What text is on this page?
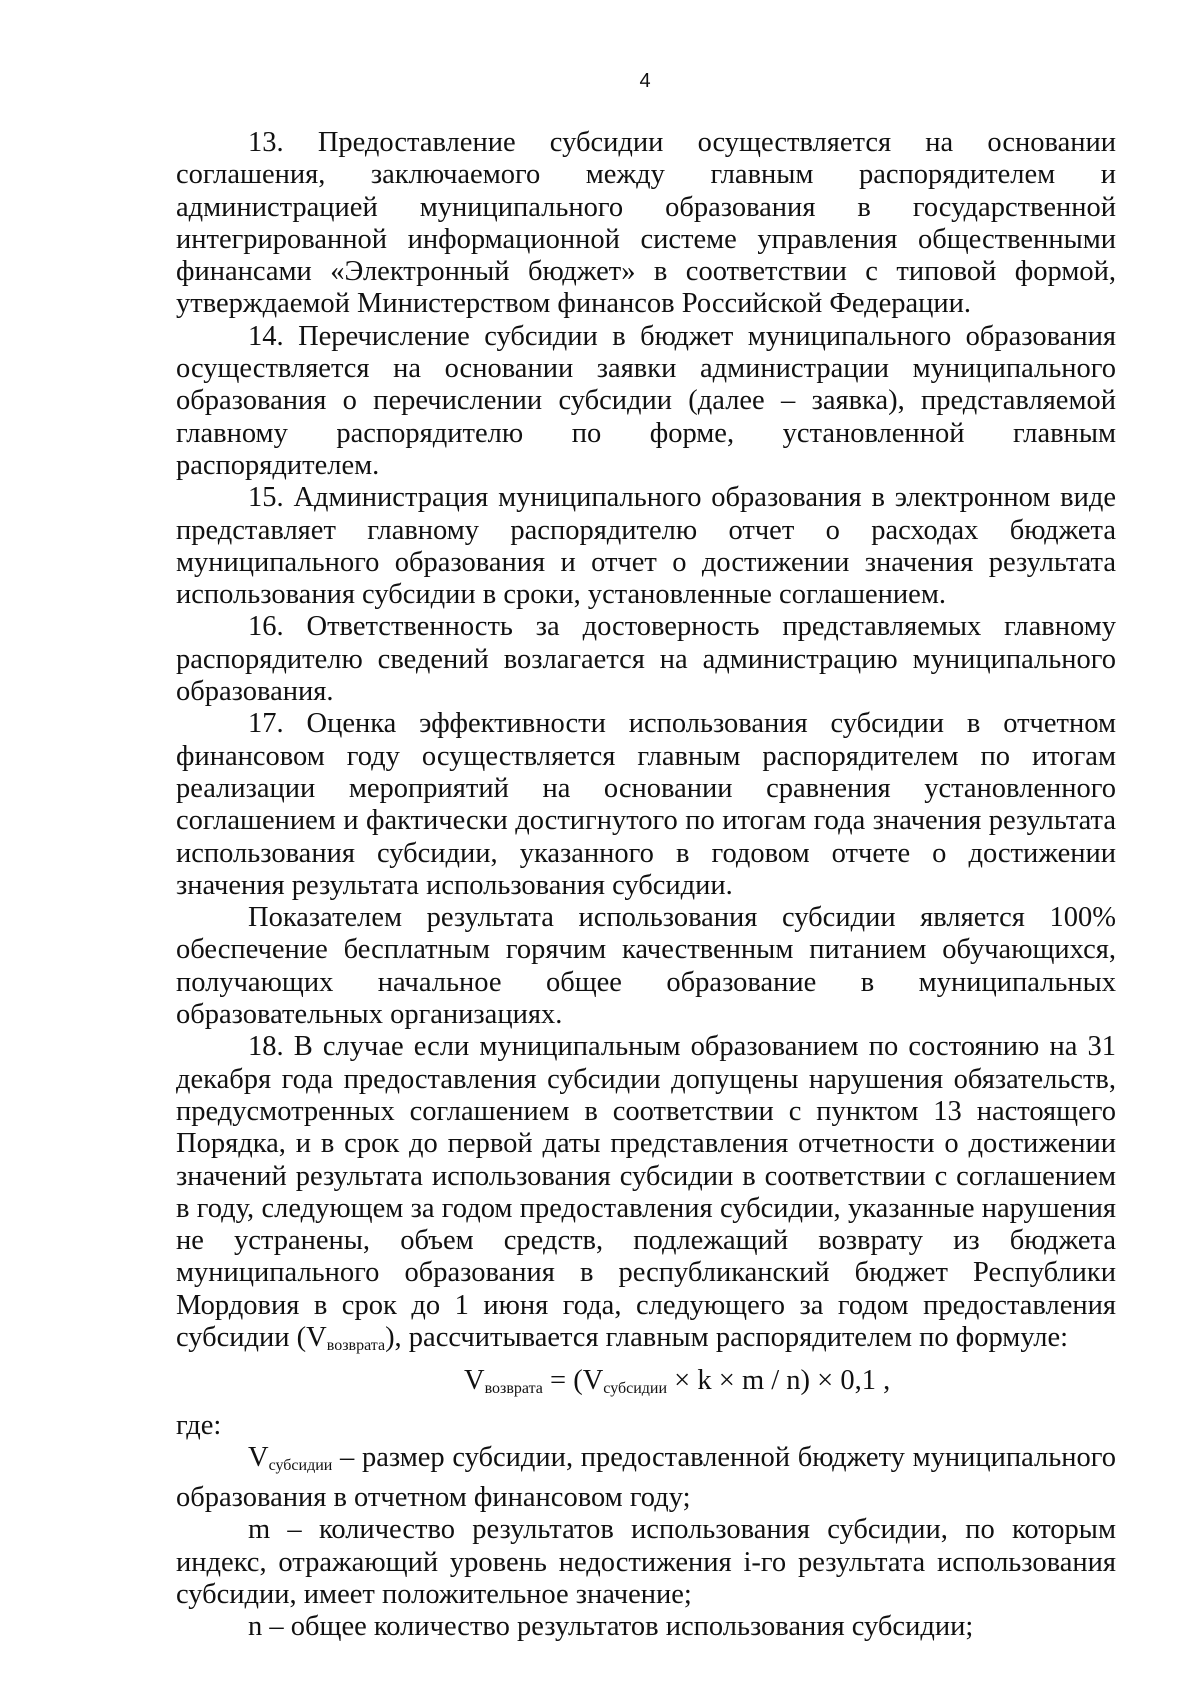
4

13. Предоставление субсидии осуществляется на основании соглашения, заключаемого между главным распорядителем и администрацией муниципального образования в государственной интегрированной информационной системе управления общественными финансами «Электронный бюджет» в соответствии с типовой формой, утверждаемой Министерством финансов Российской Федерации.

14. Перечисление субсидии в бюджет муниципального образования осуществляется на основании заявки администрации муниципального образования о перечислении субсидии (далее – заявка), представляемой главному распорядителю по форме, установленной главным распорядителем.

15. Администрация муниципального образования в электронном виде представляет главному распорядителю отчет о расходах бюджета муниципального образования и отчет о достижении значения результата использования субсидии в сроки, установленные соглашением.

16. Ответственность за достоверность представляемых главному распорядителю сведений возлагается на администрацию муниципального образования.

17. Оценка эффективности использования субсидии в отчетном финансовом году осуществляется главным распорядителем по итогам реализации мероприятий на основании сравнения установленного соглашением и фактически достигнутого по итогам года значения результата использования субсидии, указанного в годовом отчете о достижении значения результата использования субсидии.

Показателем результата использования субсидии является 100% обеспечение бесплатным горячим качественным питанием обучающихся, получающих начальное общее образование в муниципальных образовательных организациях.

18. В случае если муниципальным образованием по состоянию на 31 декабря года предоставления субсидии допущены нарушения обязательств, предусмотренных соглашением в соответствии с пунктом 13 настоящего Порядка, и в срок до первой даты представления отчетности о достижении значений результата использования субсидии в соответствии с соглашением в году, следующем за годом предоставления субсидии, указанные нарушения не устранены, объем средств, подлежащий возврату из бюджета муниципального образования в республиканский бюджет Республики Мордовия в срок до 1 июня года, следующего за годом предоставления субсидии $(V_{возврата})$, рассчитывается главным распорядителем по формуле:

$V_{возврата} = (V_{субсидии} \times k \times m / n) \times 0,1$ ,

где:

$V_{субсидии}$ – размер субсидии, предоставленной бюджету муниципального образования в отчетном финансовом году;

m – количество результатов использования субсидии, по которым индекс, отражающий уровень недостижения i-го результата использования субсидии, имеет положительное значение;

n – общее количество результатов использования субсидии;
